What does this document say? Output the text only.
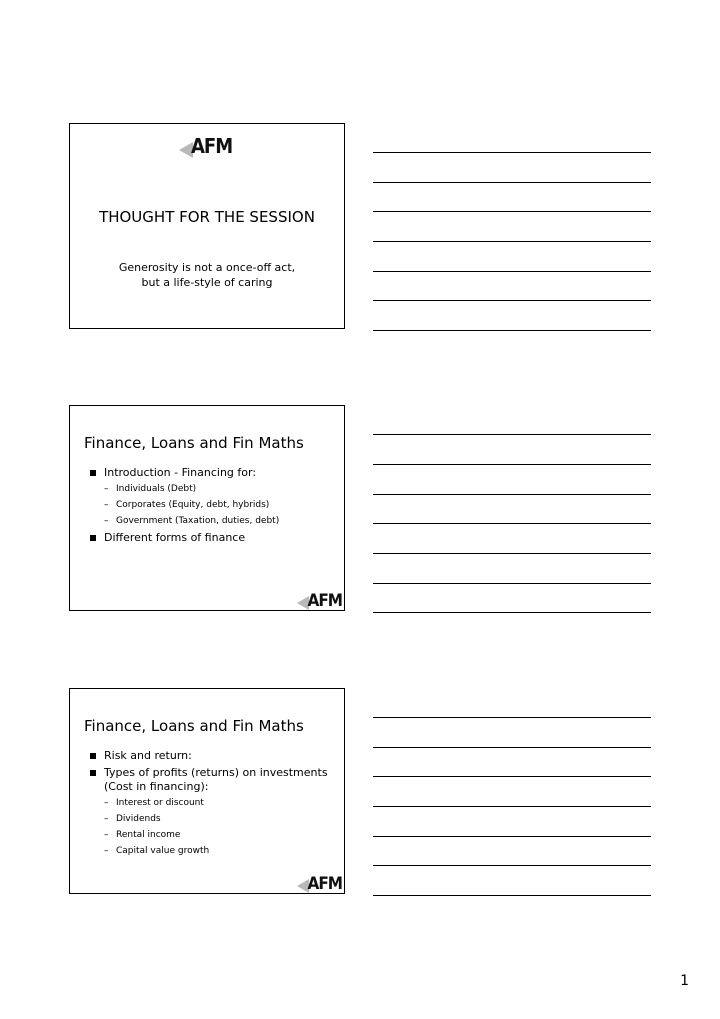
AFM
THOUGHT FOR THE SESSION
Generosity is not a once-off act,
but a life-style of caring
Finance, Loans and Fin Maths
Introduction - Financing for:
– Individuals (Debt)
– Corporates (Equity, debt, hybrids)
– Government (Taxation, duties, debt)
Different forms of finance
AFM
Finance, Loans and Fin Maths
Risk and return:
Types of profits (returns) on investments (Cost in financing):
– Interest or discount
– Dividends
– Rental income
– Capital value growth
AFM
1
